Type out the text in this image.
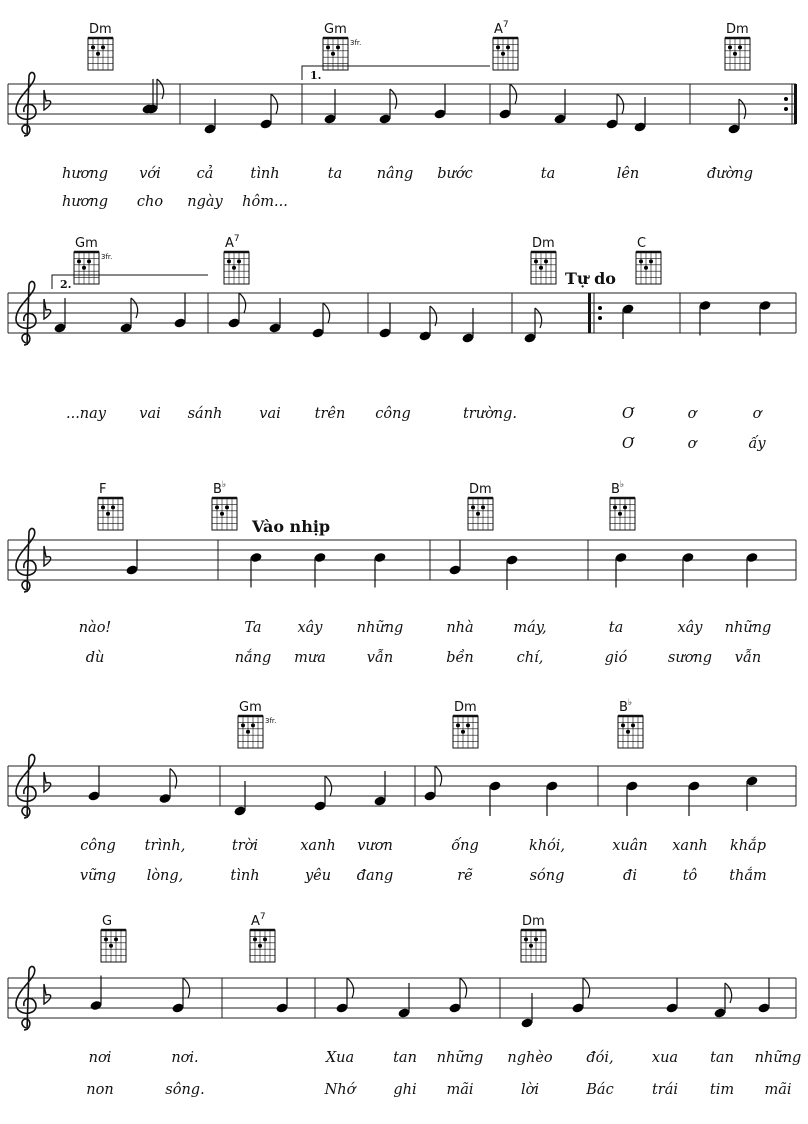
Dm	Gm
3fr.
$A^7$	Dm
1.
hương với cả	tình	ta nâng bước	ta	lên	đường
hương cho ngày hôm...
Gm
3fr.
$A^7$	Dm	C
2.	Tự do
...nay vai sánh	vai trên công	trường.	Ơ	ơ	ơ
Ơ	ơ	ấy
F	B♭	Dm	B♭
Vào nhịp
nào!	Ta xây những	nhà	máy,	ta	xây những
dù	nắng mưa	vẫn	bền	chí,	gió	sương vẫn
Gm
3fr.
Dm	B♭
công trình,	trời	xanh vươn	ống	khói,	xuân xanh khắp
vững lòng,	tình	yêu đang	rẽ	sóng	đi	tô thắm
G	$A^7$	Dm
nơi	nơi.	Xua	tan những nghèo đói,	xua tan những
non	sông.	Nhớ	ghi mãi	lời	Bác	trái tim mãi
